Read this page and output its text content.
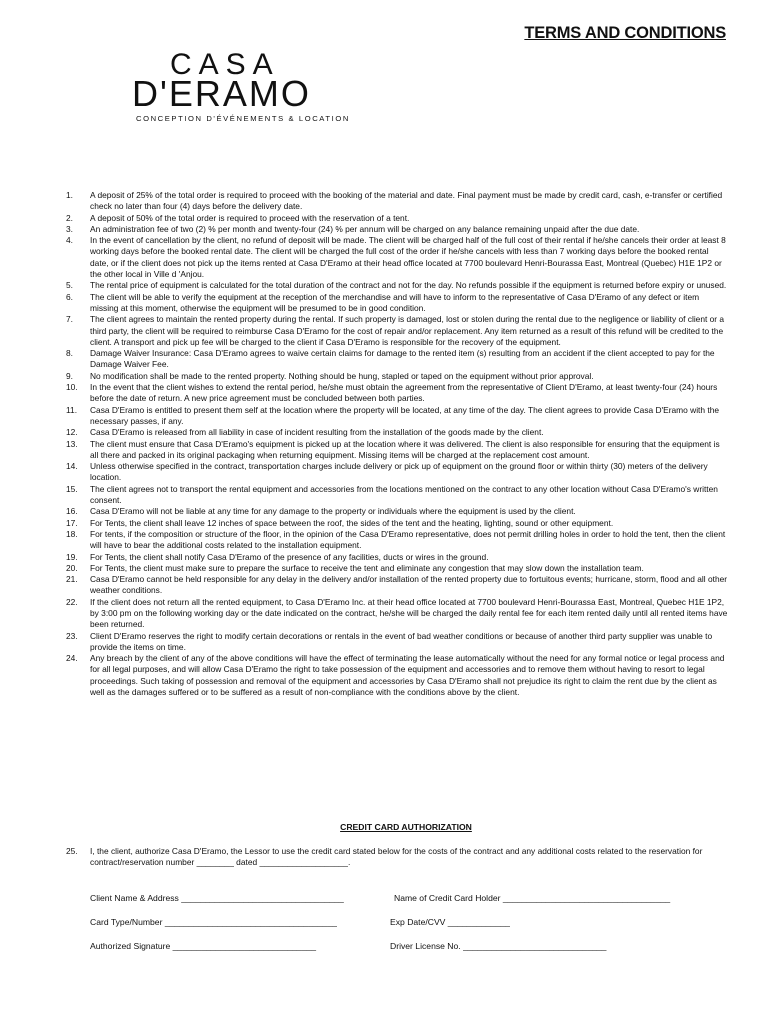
TERMS AND CONDITIONS
CASA
D'ERAMO
CONCEPTION D'ÉVÉNEMENTS & LOCATION
1.	A deposit of 25% of the total order is required to proceed with the booking of the material and date. Final payment must be made by credit card, cash, e-transfer or certified check no later than four (4) days before the delivery date.
2.	A deposit of 50% of the total order is required to proceed with the reservation of a tent.
3.	An administration fee of two (2) % per month and twenty-four (24) % per annum will be charged on any balance remaining unpaid after the due date.
4.	In the event of cancellation by the client, no refund of deposit will be made. The client will be charged half of the full cost of their rental if he/she cancels their order at least 8 working days before the booked rental date. The client will be charged the full cost of the order if he/she cancels with less than 7 working days before the booked rental date, or if the client does not pick up the items rented at Casa D'Eramo at their head office located at 7700 boulevard Henri-Bourassa East, Montreal (Quebec) H1E 1P2 or the other local in Ville d 'Anjou.
5.	The rental price of equipment is calculated for the total duration of the contract and not for the day. No refunds possible if the equipment is returned before expiry or unused.
6.	The client will be able to verify the equipment at the reception of the merchandise and will have to inform to the representative of Casa D'Eramo of any defect or item missing at this moment, otherwise the equipment will be presumed to be in good condition.
7.	The client agrees to maintain the rented property during the rental. If such property is damaged, lost or stolen during the rental due to the negligence or liability of client or a third party, the client will be required to reimburse Casa D'Eramo for the cost of repair and/or replacement. Any item returned as a result of this refund will be credited to the client. A transport and pick up fee will be charged to the client if Casa D'Eramo is responsible for the recovery of the equipment.
8.	Damage Waiver Insurance: Casa D'Eramo agrees to waive certain claims for damage to the rented item (s) resulting from an accident if the client accepted to pay for the Damage Waiver Fee.
9.	No modification shall be made to the rented property. Nothing should be hung, stapled or taped on the equipment without prior approval.
10.	In the event that the client wishes to extend the rental period, he/she must obtain the agreement from the representative of Client D'Eramo, at least twenty-four (24) hours before the date of return. A new price agreement must be concluded between both parties.
11.	Casa D'Eramo is entitled to present them self at the location where the property will be located, at any time of the day. The client agrees to provide Casa D'Eramo with the necessary passes, if any.
12.	Casa D'Eramo is released from all liability in case of incident resulting from the installation of the goods made by the client.
13.	The client must ensure that Casa D'Eramo's equipment is picked up at the location where it was delivered. The client is also responsible for ensuring that the equipment is all there and packed in its original packaging when returning equipment. Missing items will be charged at the replacement cost amount.
14.	Unless otherwise specified in the contract, transportation charges include delivery or pick up of equipment on the ground floor or within thirty (30) meters of the delivery location.
15.	The client agrees not to transport the rental equipment and accessories from the locations mentioned on the contract to any other location without Casa D'Eramo's written consent.
16.	Casa D'Eramo will not be liable at any time for any damage to the property or individuals where the equipment is used by the client.
17.	For Tents, the client shall leave 12 inches of space between the roof, the sides of the tent and the heating, lighting, sound or other equipment.
18.	For tents, if the composition or structure of the floor, in the opinion of the Casa D'Eramo representative, does not permit drilling holes in order to hold the tent, then the client will have to bear the additional costs related to the installation equipment.
19.	For Tents, the client shall notify Casa D'Eramo of the presence of any facilities, ducts or wires in the ground.
20.	For Tents, the client must make sure to prepare the surface to receive the tent and eliminate any congestion that may slow down the installation team.
21.	Casa D'Eramo cannot be held responsible for any delay in the delivery and/or installation of the rented property due to fortuitous events; hurricane, storm, flood and all other weather conditions.
22.	If the client does not return all the rented equipment, to Casa D'Eramo Inc. at their head office located at 7700 boulevard Henri-Bourassa East, Montreal, Quebec H1E 1P2, by 3:00 pm on the following working day or the date indicated on the contract, he/she will be charged the daily rental fee for each item rented daily until all rented items have been returned.
23.	Client D'Eramo reserves the right to modify certain decorations or rentals in the event of bad weather conditions or because of another third party supplier was unable to provide the items on time.
24.	Any breach by the client of any of the above conditions will have the effect of terminating the lease automatically without the need for any formal notice or legal process and for all legal purposes, and will allow Casa D'Eramo the right to take possession of the equipment and accessories and to remove them without having to resort to legal proceedings. Such taking of possession and removal of the equipment and accessories by Casa D'Eramo shall not prejudice its right to claim the rent due by the client as well as the damages suffered or to be suffered as a result of non-compliance with the conditions above by the client.
CREDIT CARD AUTHORIZATION
25.	I, the client, authorize Casa D'Eramo, the Lessor to use the credit card stated below for the costs of the contract and any additional costs related to the reservation for contract/reservation number ________ dated ___________________.
Client Name & Address __________________________________	Name of Credit Card Holder ___________________________________
Card Type/Number ____________________________________	Exp Date/CVV _____________
Authorized Signature ______________________________	Driver License No. ______________________________
